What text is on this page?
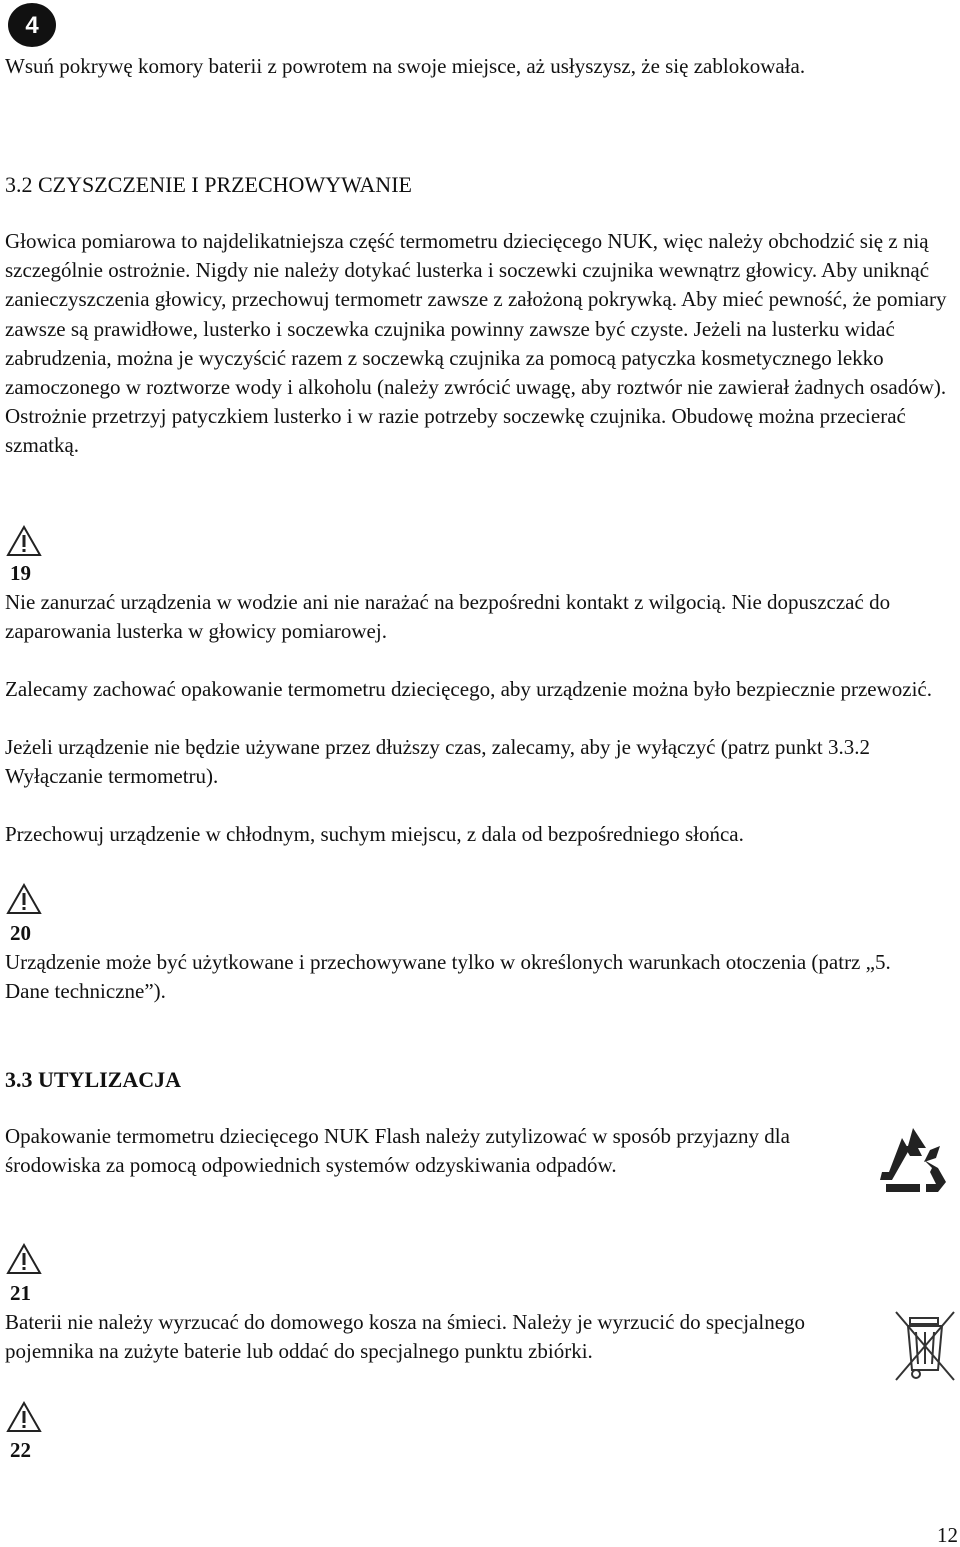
4

Wsuń pokrywę komory baterii z powrotem na swoje miejsce, aż usłyszysz, że się zablokowała.

3.2 CZYSZCZENIE I PRZECHOWYWANIE

Głowica pomiarowa to najdelikatniejsza część termometru dziecięcego NUK, więc należy obchodzić się z nią szczególnie ostrożnie. Nigdy nie należy dotykać lusterka i soczewki czujnika wewnątrz głowicy. Aby uniknąć zanieczyszczenia głowicy, przechowuj termometr zawsze z założoną pokrywką. Aby mieć pewność, że pomiary zawsze są prawidłowe, lusterko i soczewka czujnika powinny zawsze być czyste. Jeżeli na lusterku widać zabrudzenia, można je wyczyścić razem z soczewką czujnika za pomocą patyczka kosmetycznego lekko zamoczonego w roztworze wody i alkoholu (należy zwrócić uwagę, aby roztwór nie zawierał żadnych osadów). Ostrożnie przetrzyj patyczkiem lusterko i w razie potrzeby soczewkę czujnika. Obudowę można przecierać szmatką.

19

Nie zanurzać urządzenia w wodzie ani nie narażać na bezpośredni kontakt z wilgocią. Nie dopuszczać do zaparowania lusterka w głowicy pomiarowej.

Zalecamy zachować opakowanie termometru dziecięcego, aby urządzenie można było bezpiecznie przewozić.

Jeżeli urządzenie nie będzie używane przez dłuższy czas, zalecamy, aby je wyłączyć (patrz punkt 3.3.2 Wyłączanie termometru).

Przechowuj urządzenie w chłodnym, suchym miejscu, z dala od bezpośredniego słońca.

20

Urządzenie może być użytkowane i przechowywane tylko w określonych warunkach otoczenia (patrz „5. Dane techniczne”).

3.3 UTYLIZACJA

Opakowanie termometru dziecięcego NUK Flash należy zutylizować w sposób przyjazny dla środowiska za pomocą odpowiednich systemów odzyskiwania odpadów.

21

Baterii nie należy wyrzucać do domowego kosza na śmieci. Należy je wyrzucić do specjalnego pojemnika na zużyte baterie lub oddać do specjalnego punktu zbiórki.

22
12
